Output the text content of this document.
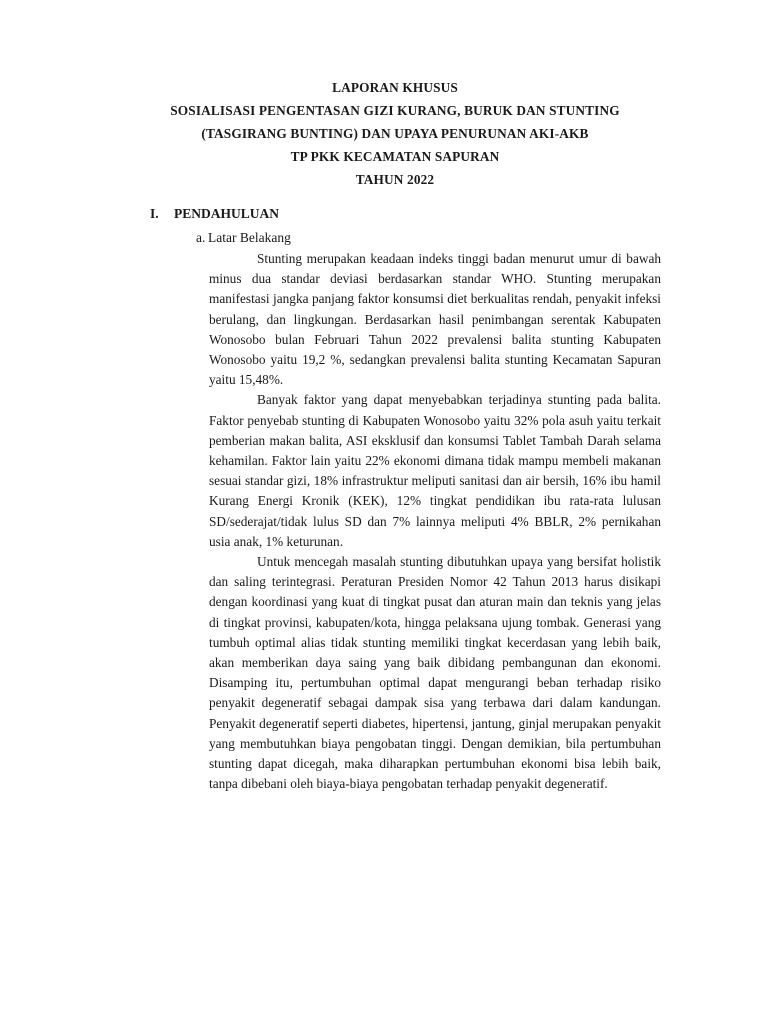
LAPORAN KHUSUS
SOSIALISASI PENGENTASAN GIZI KURANG, BURUK DAN STUNTING
(TASGIRANG BUNTING) DAN UPAYA PENURUNAN AKI-AKB
TP PKK KECAMATAN SAPURAN
TAHUN 2022
I. PENDAHULUAN
a. Latar Belakang

Stunting merupakan keadaan indeks tinggi badan menurut umur di bawah minus dua standar deviasi berdasarkan standar WHO. Stunting merupakan manifestasi jangka panjang faktor konsumsi diet berkualitas rendah, penyakit infeksi berulang, dan lingkungan. Berdasarkan hasil penimbangan serentak Kabupaten Wonosobo bulan Februari Tahun 2022 prevalensi balita stunting Kabupaten Wonosobo yaitu 19,2 %, sedangkan prevalensi balita stunting Kecamatan Sapuran yaitu 15,48%.

Banyak faktor yang dapat menyebabkan terjadinya stunting pada balita. Faktor penyebab stunting di Kabupaten Wonosobo yaitu 32% pola asuh yaitu terkait pemberian makan balita, ASI eksklusif dan konsumsi Tablet Tambah Darah selama kehamilan. Faktor lain yaitu 22% ekonomi dimana tidak mampu membeli makanan sesuai standar gizi, 18% infrastruktur meliputi sanitasi dan air bersih, 16% ibu hamil Kurang Energi Kronik (KEK), 12% tingkat pendidikan ibu rata-rata lulusan SD/sederajat/tidak lulus SD dan 7% lainnya meliputi 4% BBLR, 2% pernikahan usia anak, 1% keturunan.

Untuk mencegah masalah stunting dibutuhkan upaya yang bersifat holistik dan saling terintegrasi. Peraturan Presiden Nomor 42 Tahun 2013 harus disikapi dengan koordinasi yang kuat di tingkat pusat dan aturan main dan teknis yang jelas di tingkat provinsi, kabupaten/kota, hingga pelaksana ujung tombak. Generasi yang tumbuh optimal alias tidak stunting memiliki tingkat kecerdasan yang lebih baik, akan memberikan daya saing yang baik dibidang pembangunan dan ekonomi. Disamping itu, pertumbuhan optimal dapat mengurangi beban terhadap risiko penyakit degeneratif sebagai dampak sisa yang terbawa dari dalam kandungan. Penyakit degeneratif seperti diabetes, hipertensi, jantung, ginjal merupakan penyakit yang membutuhkan biaya pengobatan tinggi. Dengan demikian, bila pertumbuhan stunting dapat dicegah, maka diharapkan pertumbuhan ekonomi bisa lebih baik, tanpa dibebani oleh biaya-biaya pengobatan terhadap penyakit degeneratif.
